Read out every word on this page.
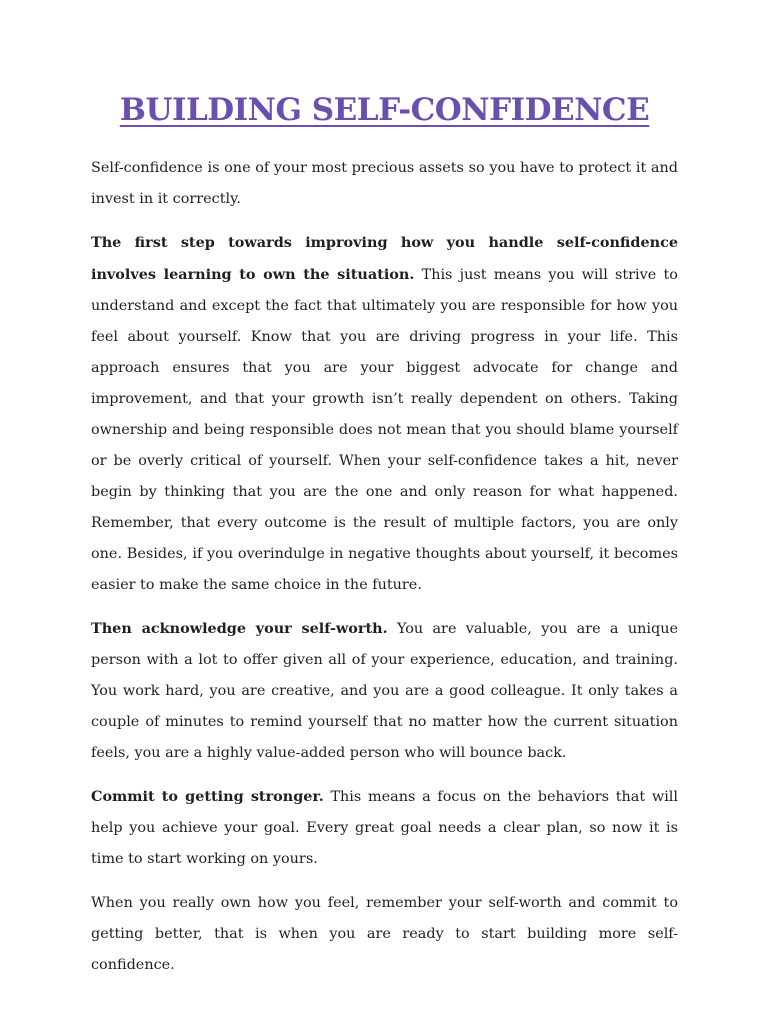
BUILDING SELF-CONFIDENCE

Self-confidence is one of your most precious assets so you have to protect it and invest in it correctly.

The first step towards improving how you handle self-confidence involves learning to own the situation. This just means you will strive to understand and except the fact that ultimately you are responsible for how you feel about yourself. Know that you are driving progress in your life. This approach ensures that you are your biggest advocate for change and improvement, and that your growth isn’t really dependent on others. Taking ownership and being responsible does not mean that you should blame yourself or be overly critical of yourself. When your self-confidence takes a hit, never begin by thinking that you are the one and only reason for what happened. Remember, that every outcome is the result of multiple factors, you are only one. Besides, if you overindulge in negative thoughts about yourself, it becomes easier to make the same choice in the future.

Then acknowledge your self-worth. You are valuable, you are a unique person with a lot to offer given all of your experience, education, and training. You work hard, you are creative, and you are a good colleague. It only takes a couple of minutes to remind yourself that no matter how the current situation feels, you are a highly value-added person who will bounce back.

Commit to getting stronger. This means a focus on the behaviors that will help you achieve your goal. Every great goal needs a clear plan, so now it is time to start working on yours.

When you really own how you feel, remember your self-worth and commit to getting better, that is when you are ready to start building more self-confidence.
